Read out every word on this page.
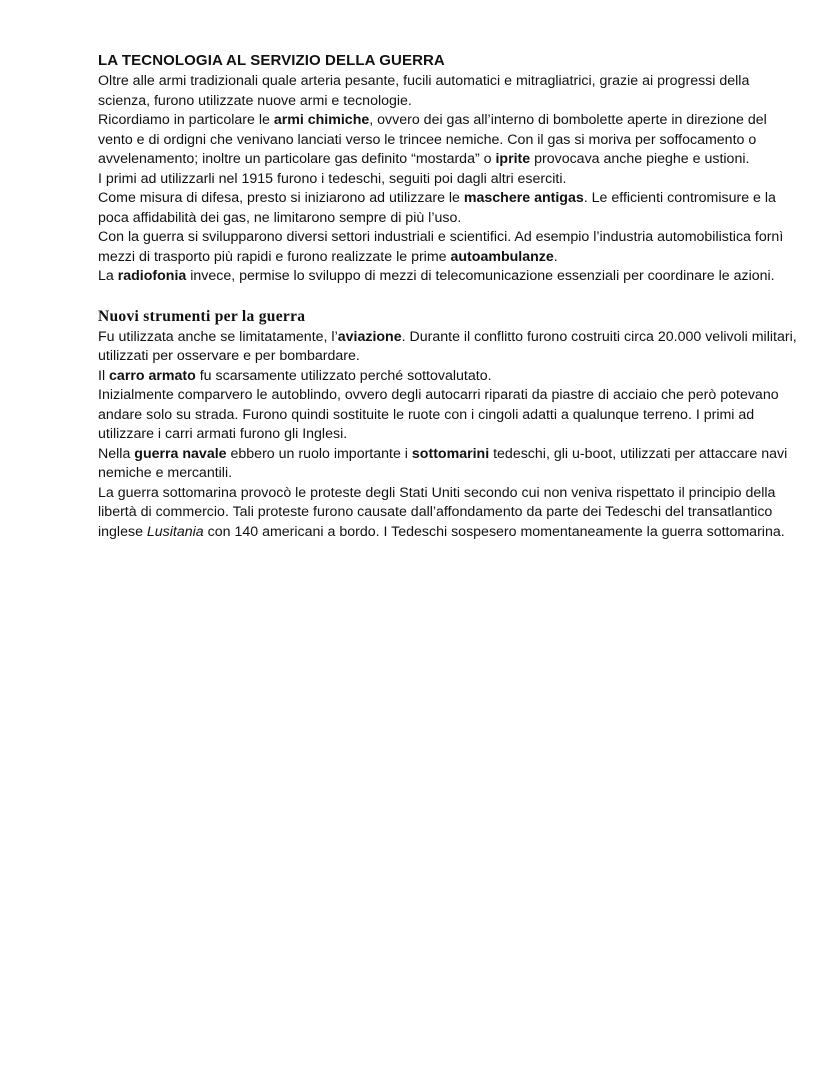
LA TECNOLOGIA AL SERVIZIO DELLA GUERRA

Oltre alle armi tradizionali quale arteria pesante, fucili automatici e mitragliatrici, grazie ai progressi della scienza, furono utilizzate nuove armi e tecnologie.

Ricordiamo in particolare le armi chimiche, ovvero dei gas all’interno di bombolette aperte in direzione del vento e di ordigni che venivano lanciati verso le trincee nemiche. Con il gas si moriva per soffocamento o avvelenamento; inoltre un particolare gas definito “mostarda” o iprite provocava anche pieghe e ustioni.

I primi ad utilizzarli nel 1915 furono i tedeschi, seguiti poi dagli altri eserciti.

Come misura di difesa, presto si iniziarono ad utilizzare le maschere antigas. Le efficienti contromisure e la poca affidabilità dei gas, ne limitarono sempre di più l’uso.

Con la guerra si svilupparono diversi settori industriali e scientifici. Ad esempio l’industria automobilistica fornì mezzi di trasporto più rapidi e furono realizzate le prime autoambulanze.

La radiofonia invece, permise lo sviluppo di mezzi di telecomunicazione essenziali per coordinare le azioni.

Nuovi strumenti per la guerra

Fu utilizzata anche se limitatamente, l’aviazione. Durante il conflitto furono costruiti circa 20.000 velivoli militari, utilizzati per osservare e per bombardare.

Il carro armato fu scarsamente utilizzato perché sottovalutato.

Inizialmente comparvero le autoblindo, ovvero degli autocarri riparati da piastre di acciaio che però potevano andare solo su strada. Furono quindi sostituite le ruote con i cingoli adatti a qualunque terreno. I primi ad utilizzare i carri armati furono gli Inglesi.

Nella guerra navale ebbero un ruolo importante i sottomarini tedeschi, gli u-boot, utilizzati per attaccare navi nemiche e mercantili.

La guerra sottomarina provocò le proteste degli Stati Uniti secondo cui non veniva rispettato il principio della libertà di commercio. Tali proteste furono causate dall’affondamento da parte dei Tedeschi del transatlantico inglese Lusitania con 140 americani a bordo. I Tedeschi sospesero momentaneamente la guerra sottomarina.
